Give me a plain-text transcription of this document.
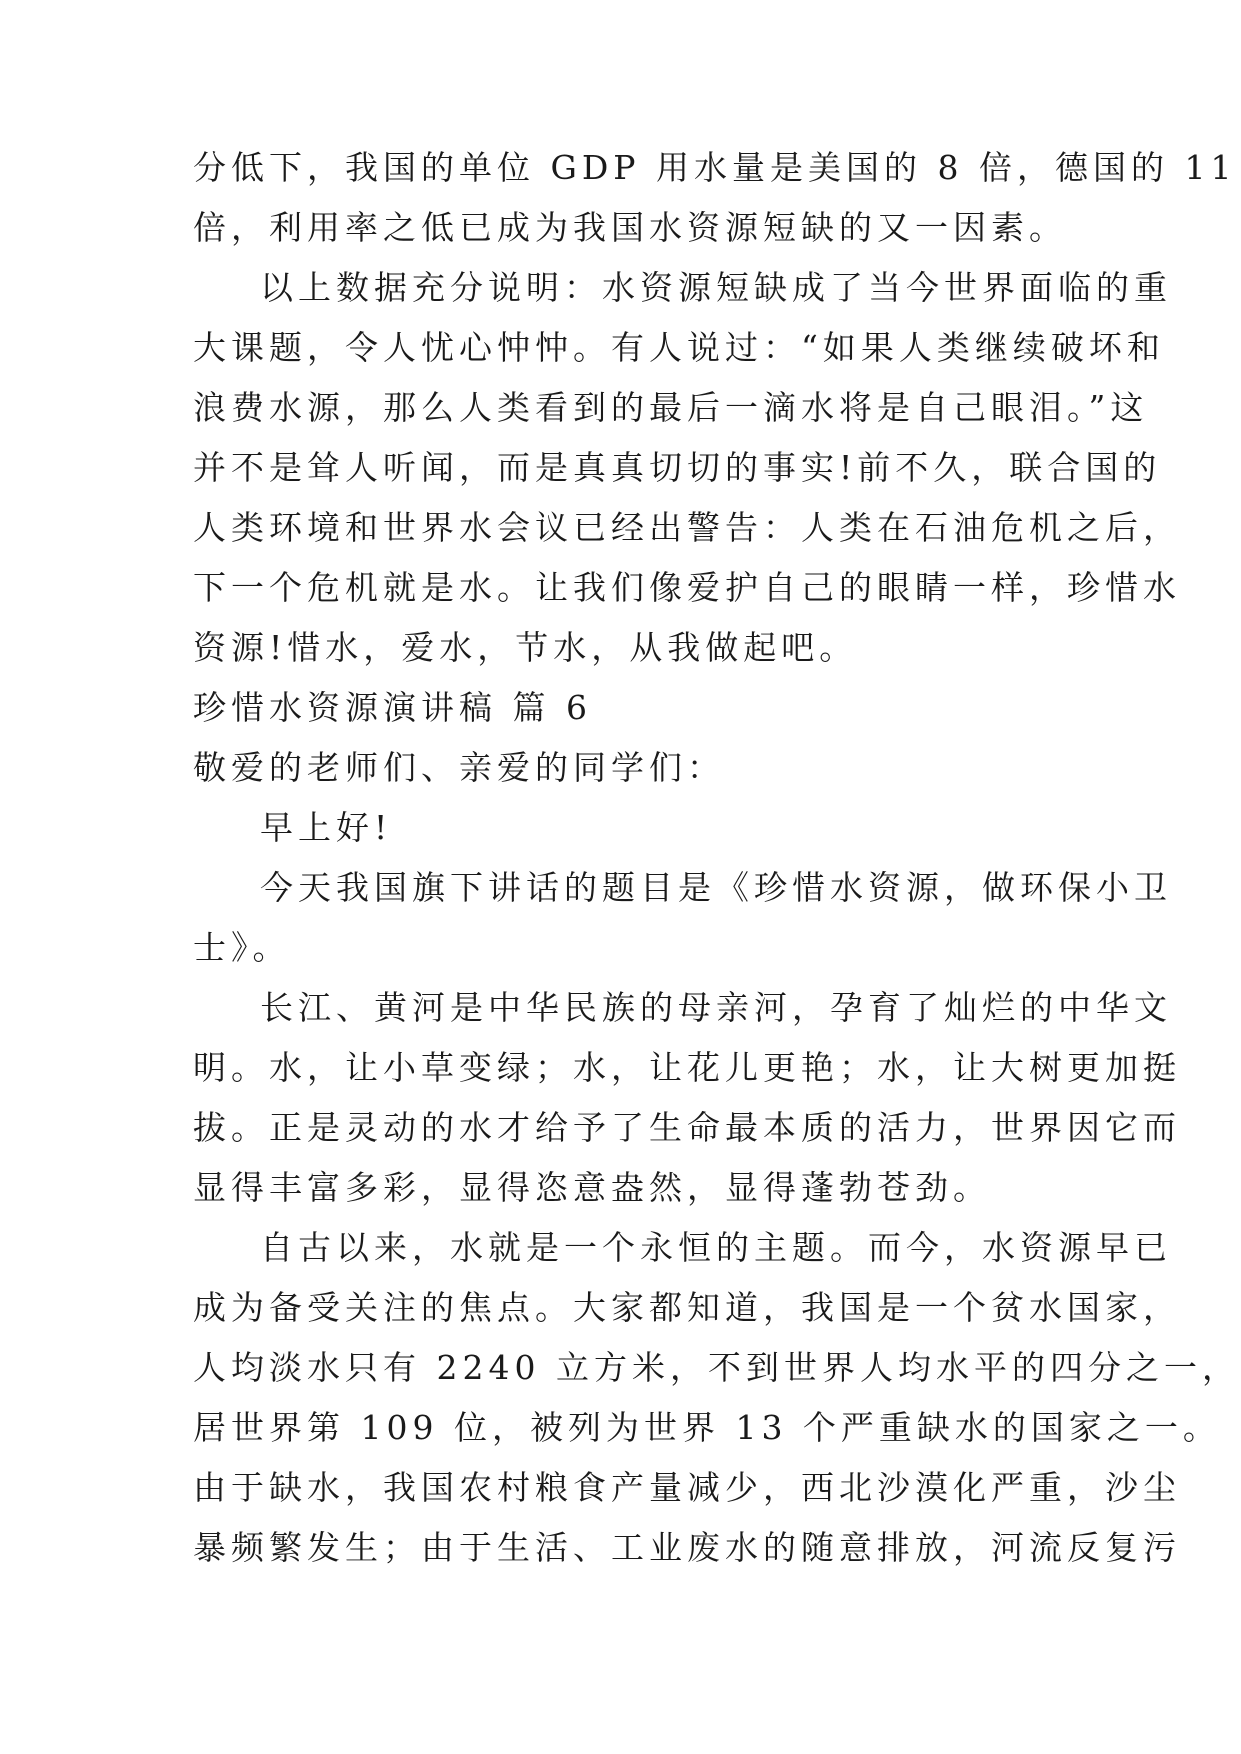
分低下，我国的单位 GDP 用水量是美国的 8 倍，德国的 11
倍，利用率之低已成为我国水资源短缺的又一因素。
以上数据充分说明：水资源短缺成了当今世界面临的重
大课题，令人忧心忡忡。有人说过：“如果人类继续破坏和
浪费水源，那么人类看到的最后一滴水将是自己眼泪。”这
并不是耸人听闻，而是真真切切的事实!前不久，联合国的
人类环境和世界水会议已经出警告：人类在石油危机之后，
下一个危机就是水。让我们像爱护自己的眼睛一样，珍惜水
资源!惜水，爱水，节水，从我做起吧。
珍惜水资源演讲稿 篇 6
敬爱的老师们、亲爱的同学们：
早上好!
今天我国旗下讲话的题目是《珍惜水资源，做环保小卫
士》。
长江、黄河是中华民族的母亲河，孕育了灿烂的中华文
明。水，让小草变绿；水，让花儿更艳；水，让大树更加挺
拔。正是灵动的水才给予了生命最本质的活力，世界因它而
显得丰富多彩，显得恣意盎然，显得蓬勃苍劲。
自古以来，水就是一个永恒的主题。而今，水资源早已
成为备受关注的焦点。大家都知道，我国是一个贫水国家，
人均淡水只有 2240 立方米，不到世界人均水平的四分之一，
居世界第 109 位，被列为世界 13 个严重缺水的国家之一。
由于缺水，我国农村粮食产量减少，西北沙漠化严重，沙尘
暴频繁发生；由于生活、工业废水的随意排放，河流反复污
